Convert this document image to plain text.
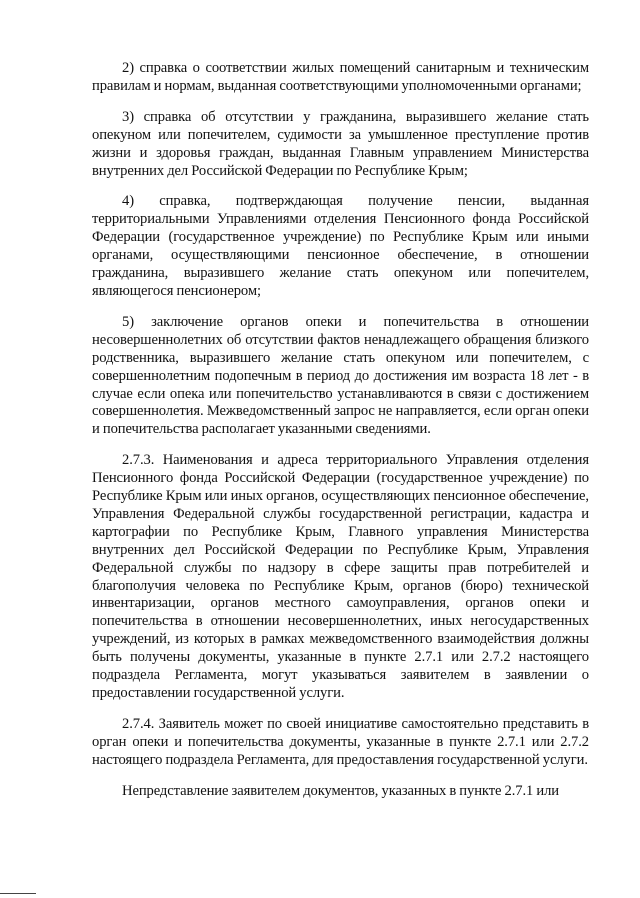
2) справка о соответствии жилых помещений санитарным и техническим правилам и нормам, выданная соответствующими уполномоченными органами;

3) справка об отсутствии у гражданина, выразившего желание стать опекуном или попечителем, судимости за умышленное преступление против жизни и здоровья граждан, выданная Главным управлением Министерства внутренних дел Российской Федерации по Республике Крым;

4) справка, подтверждающая получение пенсии, выданная территориальными Управлениями отделения Пенсионного фонда Российской Федерации (государственное учреждение) по Республике Крым или иными органами, осуществляющими пенсионное обеспечение, в отношении гражданина, выразившего желание стать опекуном или попечителем, являющегося пенсионером;

5) заключение органов опеки и попечительства в отношении несовершеннолетних об отсутствии фактов ненадлежащего обращения близкого родственника, выразившего желание стать опекуном или попечителем, с совершеннолетним подопечным в период до достижения им возраста 18 лет - в случае если опека или попечительство устанавливаются в связи с достижением совершеннолетия. Межведомственный запрос не направляется, если орган опеки и попечительства располагает указанными сведениями.

2.7.3. Наименования и адреса территориального Управления отделения Пенсионного фонда Российской Федерации (государственное учреждение) по Республике Крым или иных органов, осуществляющих пенсионное обеспечение, Управления Федеральной службы государственной регистрации, кадастра и картографии по Республике Крым, Главного управления Министерства внутренних дел Российской Федерации по Республике Крым, Управления Федеральной службы по надзору в сфере защиты прав потребителей и благополучия человека по Республике Крым, органов (бюро) технической инвентаризации, органов местного самоуправления, органов опеки и попечительства в отношении несовершеннолетних, иных негосударственных учреждений, из которых в рамках межведомственного взаимодействия должны быть получены документы, указанные в пункте 2.7.1 или 2.7.2 настоящего подраздела Регламента, могут указываться заявителем в заявлении о предоставлении государственной услуги.

2.7.4. Заявитель может по своей инициативе самостоятельно представить в орган опеки и попечительства документы, указанные в пункте 2.7.1 или 2.7.2 настоящего подраздела Регламента, для предоставления государственной услуги.

Непредставление заявителем документов, указанных в пункте 2.7.1 или
